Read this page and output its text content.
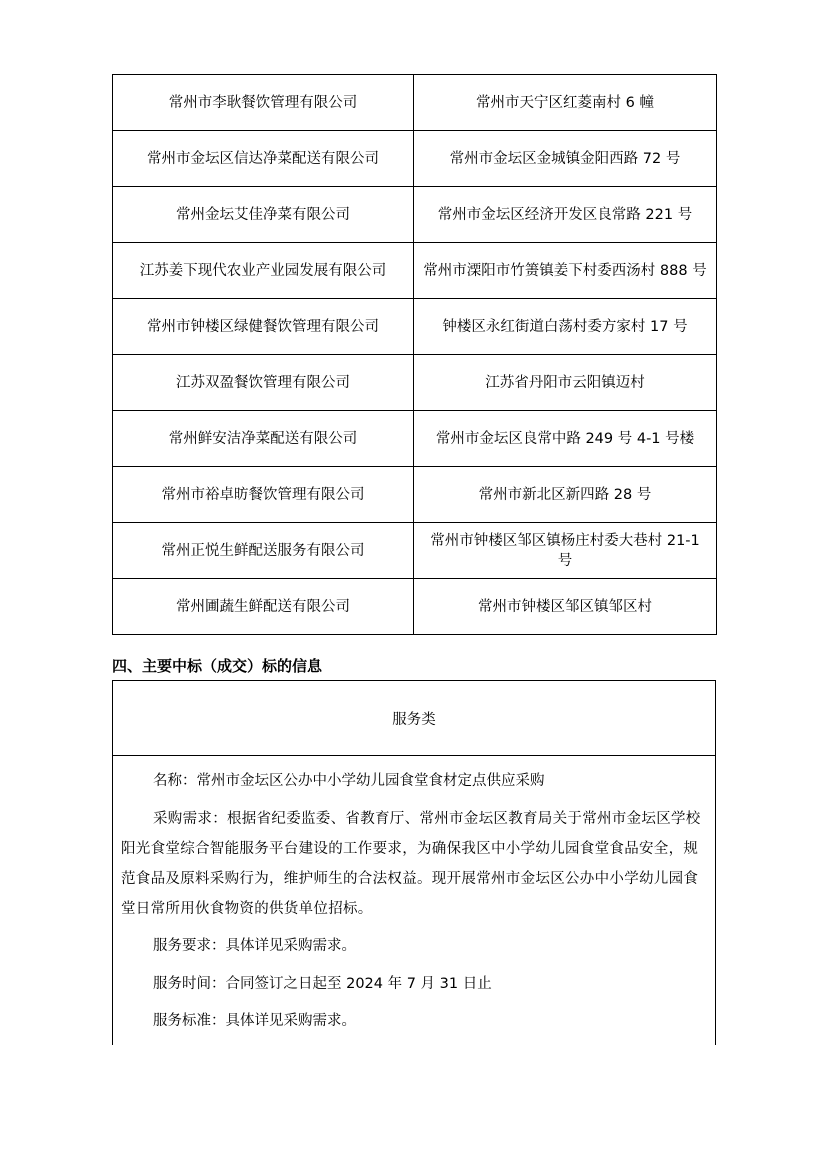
常州市李耿餐饮管理有限公司	常州市天宁区红菱南村 6 幢
常州市金坛区信达净菜配送有限公司	常州市金坛区金城镇金阳西路 72 号
常州金坛艾佳净菜有限公司	常州市金坛区经济开发区良常路 221 号
江苏姜下现代农业产业园发展有限公司	常州市溧阳市竹箦镇姜下村委西汤村 888 号
常州市钟楼区绿健餐饮管理有限公司	钟楼区永红街道白荡村委方家村 17 号
江苏双盈餐饮管理有限公司	江苏省丹阳市云阳镇迈村
常州鲜安洁净菜配送有限公司	常州市金坛区良常中路 249 号 4-1 号楼
常州市裕卓昉餐饮管理有限公司	常州市新北区新四路 28 号
常州正悦生鲜配送服务有限公司	常州市钟楼区邹区镇杨庄村委大巷村 21-1 号
常州圃蔬生鲜配送有限公司	常州市钟楼区邹区镇邹区村
四、主要中标（成交）标的信息
服务类

名称：常州市金坛区公办中小学幼儿园食堂食材定点供应采购

采购需求：根据省纪委监委、省教育厅、常州市金坛区教育局关于常州市金坛区学校阳光食堂综合智能服务平台建设的工作要求，为确保我区中小学幼儿园食堂食品安全，规范食品及原料采购行为，维护师生的合法权益。现开展常州市金坛区公办中小学幼儿园食堂日常所用伙食物资的供货单位招标。

服务要求：具体详见采购需求。

服务时间：合同签订之日起至 2024 年 7 月 31 日止

服务标准：具体详见采购需求。
